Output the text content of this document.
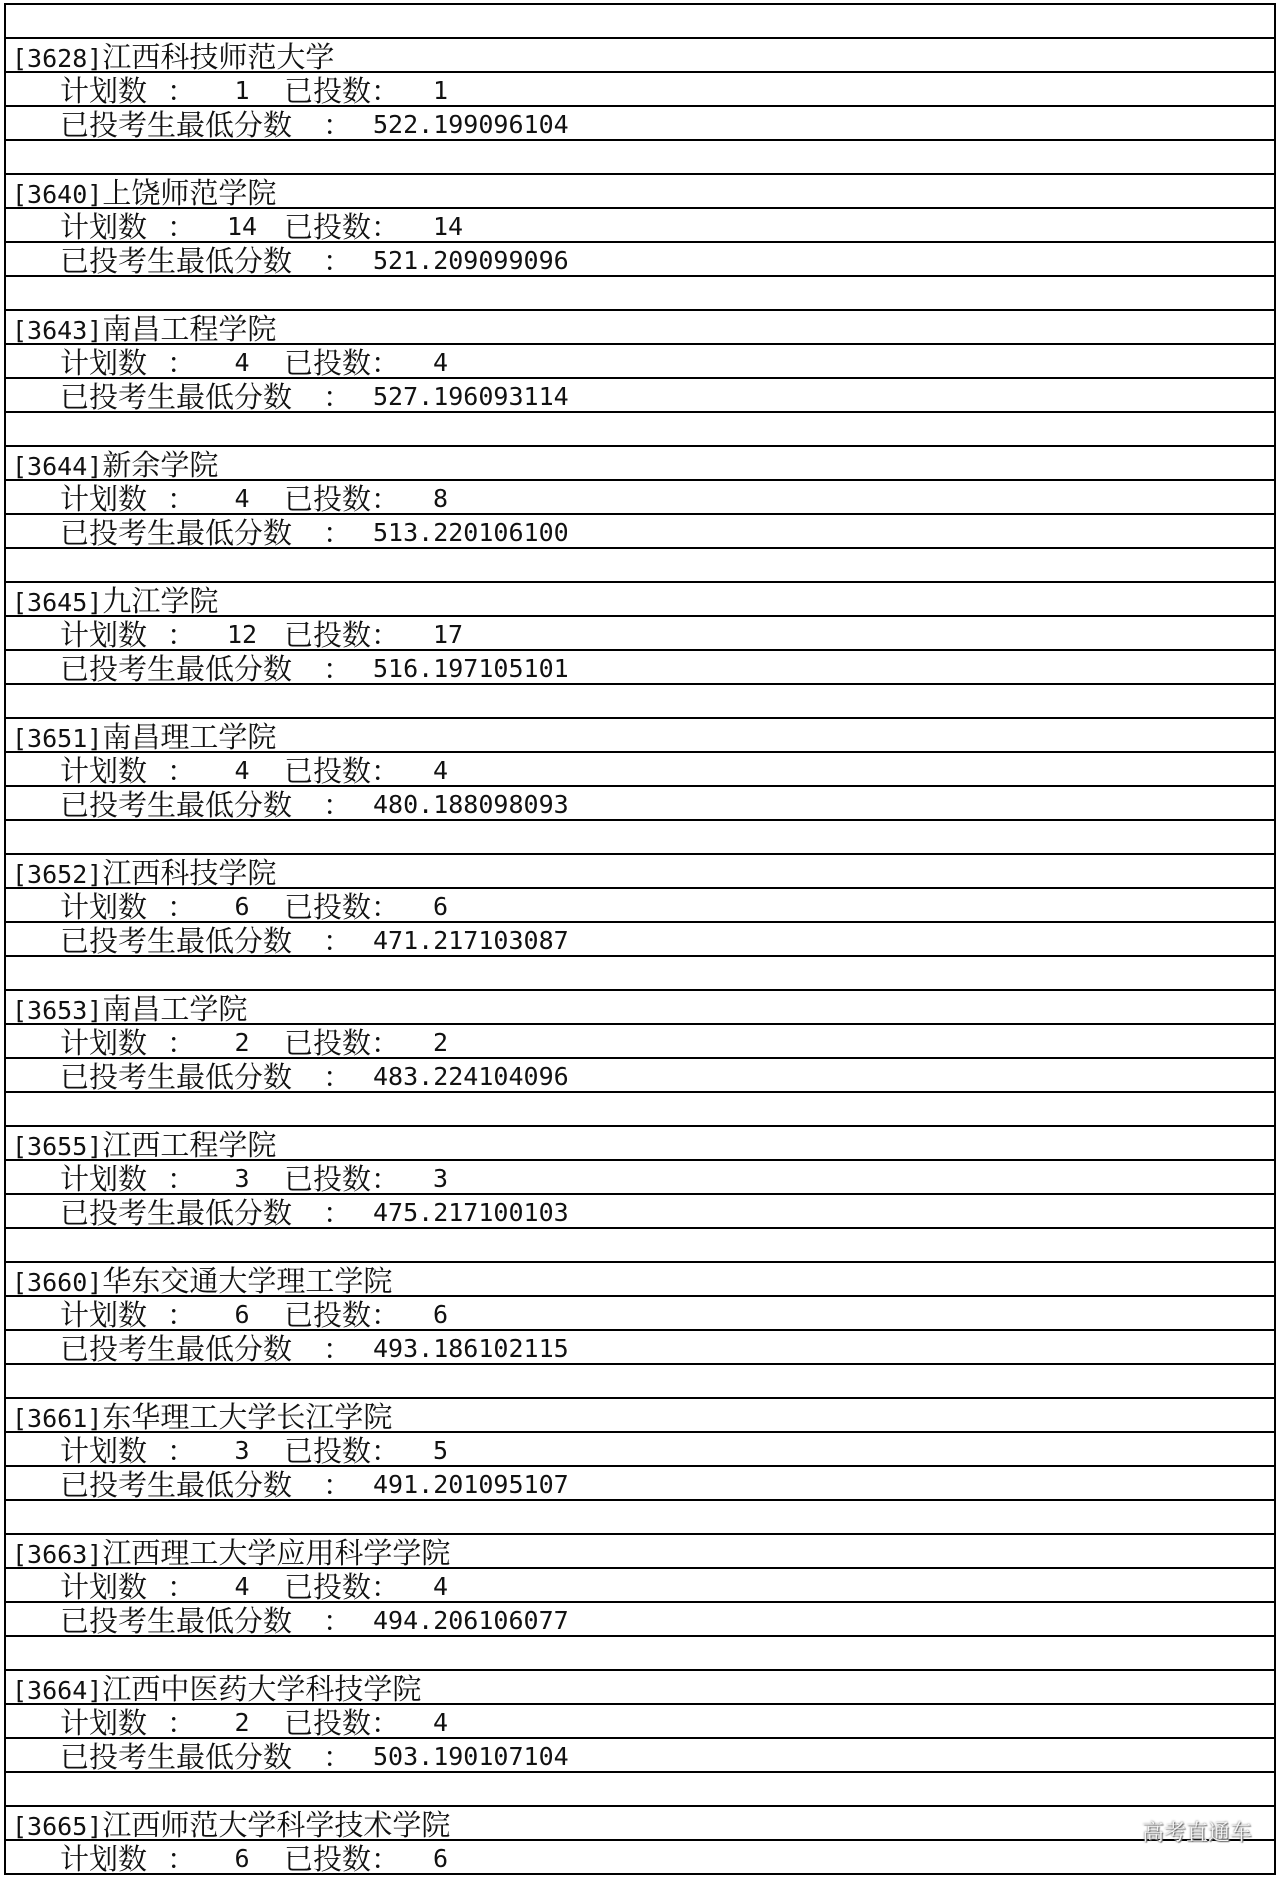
[3628]江西科技师范大学
计划数 ：	1	已投数： 1
已投考生最低分数 ： 522.199096104
[3640]上饶师范学院
计划数 ： 14 已投数： 14
已投考生最低分数 ： 521.209099096
[3643]南昌工程学院
计划数 ：	4	已投数： 4
已投考生最低分数 ： 527.196093114
[3644]新余学院
计划数 ：	4	已投数： 8
已投考生最低分数 ： 513.220106100
[3645]九江学院
计划数 ： 12 已投数： 17
已投考生最低分数 ： 516.197105101
[3651]南昌理工学院
计划数 ：	4	已投数： 4
已投考生最低分数 ： 480.188098093
[3652]江西科技学院
计划数 ：	6	已投数： 6
已投考生最低分数 ： 471.217103087
[3653]南昌工学院
计划数 ：	2	已投数： 2
已投考生最低分数 ： 483.224104096
[3655]江西工程学院
计划数 ：	3	已投数： 3
已投考生最低分数 ： 475.217100103
[3660]华东交通大学理工学院
计划数 ：	6	已投数： 6
已投考生最低分数 ： 493.186102115
[3661]东华理工大学长江学院
计划数 ：	3	已投数： 5
已投考生最低分数 ： 491.201095107
[3663]江西理工大学应用科学学院
计划数 ：	4	已投数： 4
已投考生最低分数 ： 494.206106077
[3664]江西中医药大学科技学院
计划数 ：	2	已投数： 4
已投考生最低分数 ： 503.190107104
[3665]江西师范大学科学技术学院
计划数 ：	6	已投数： 6
高考直通车
